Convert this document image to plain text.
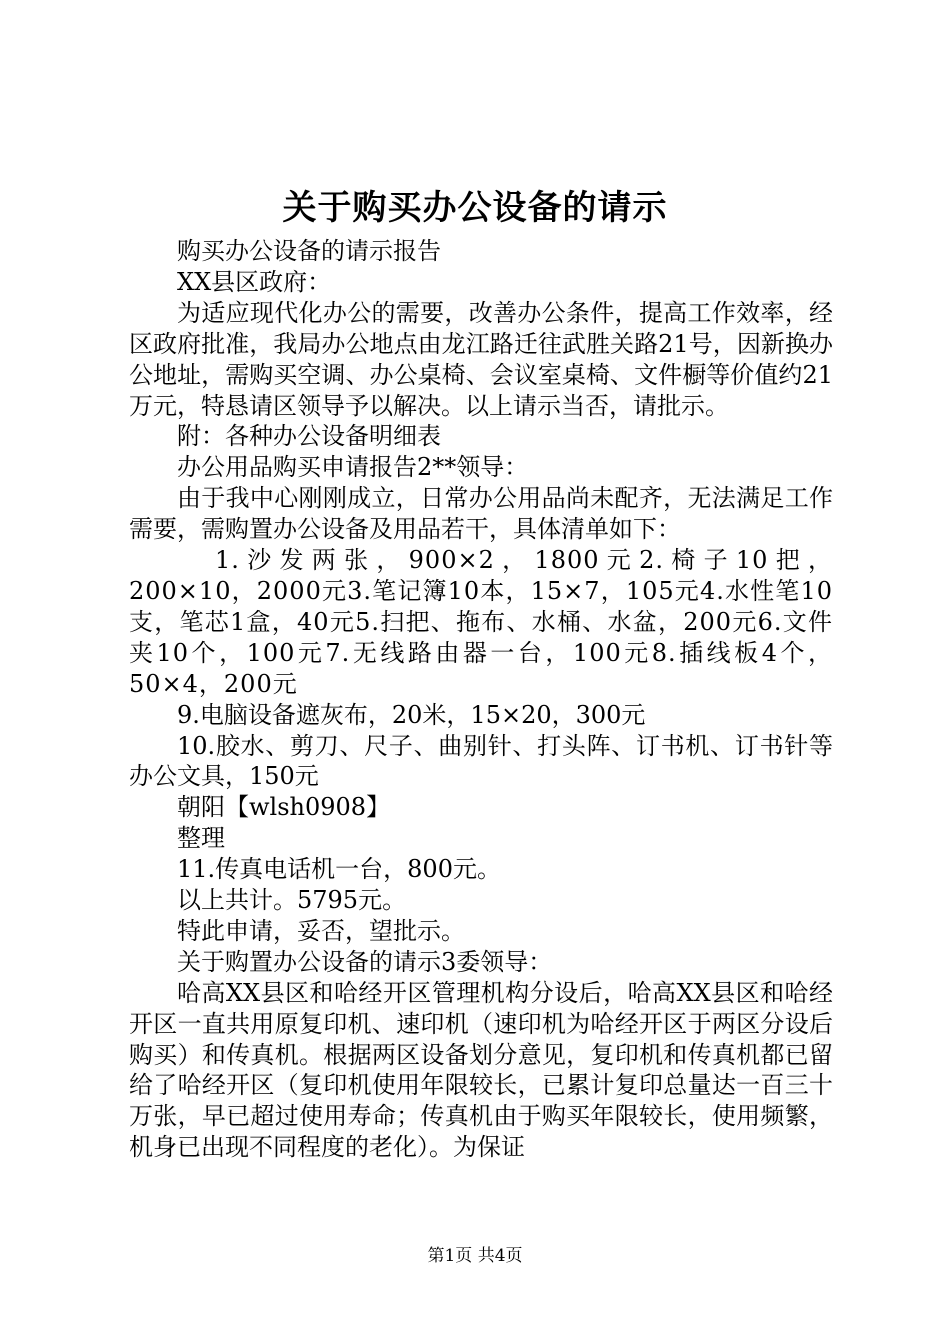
关于购买办公设备的请示

购买办公设备的请示报告

XX县区政府：

为适应现代化办公的需要，改善办公条件，提高工作效率，经区政府批准，我局办公地点由龙江路迁往武胜关路21号，因新换办公地址，需购买空调、办公桌椅、会议室桌椅、文件橱等价值约21万元，特恳请区领导予以解决。以上请示当否，请批示。

附：各种办公设备明细表

办公用品购买申请报告2**领导：

由于我中心刚刚成立，日常办公用品尚未配齐，无法满足工作需要，需购置办公设备及用品若干，具体清单如下：

1.沙发两张，900×2，1800元2.椅子10把，200×10，2000元3.笔记簿10本，15×7，105元4.水性笔10支，笔芯1盒，40元5.扫把、拖布、水桶、水盆，200元6.文件夹10个，100元7.无线路由器一台，100元8.插线板4个，50×4，200元

9.电脑设备遮灰布，20米，15×20，300元

10.胶水、剪刀、尺子、曲别针、打头阵、订书机、订书针等办公文具，150元

朝阳【wlsh0908】

整理

11.传真电话机一台，800元。

以上共计。5795元。

特此申请，妥否，望批示。

关于购置办公设备的请示3委领导：

哈高XX县区和哈经开区管理机构分设后，哈高XX县区和哈经开区一直共用原复印机、速印机（速印机为哈经开区于两区分设后购买）和传真机。根据两区设备划分意见，复印机和传真机都已留给了哈经开区（复印机使用年限较长，已累计复印总量达一百三十万张，早已超过使用寿命；传真机由于购买年限较长，使用频繁，机身已出现不同程度的老化）。为保证

第1页 共4页
